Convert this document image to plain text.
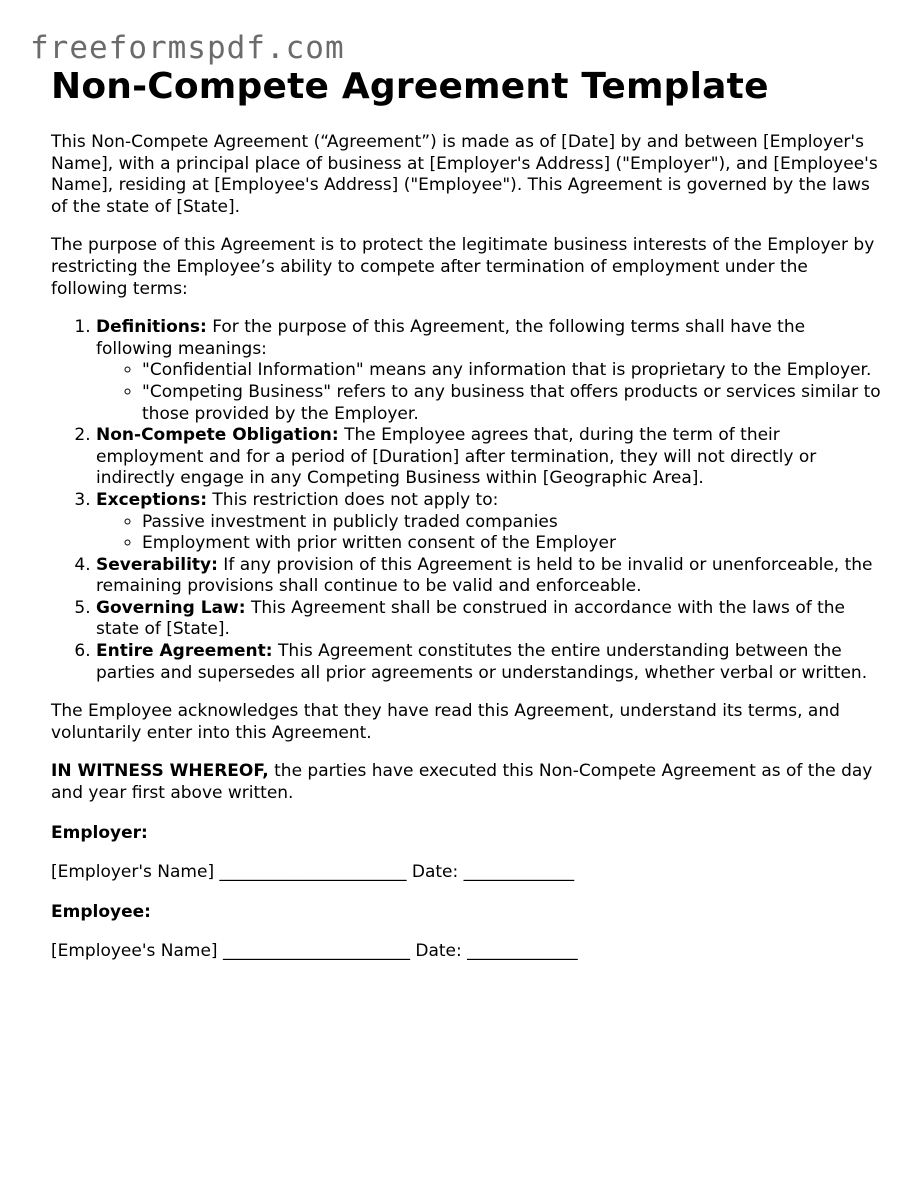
freeformspdf.com
Non-Compete Agreement Template

This Non-Compete Agreement (“Agreement”) is made as of [Date] by and between [Employer's Name], with a principal place of business at [Employer's Address] ("Employer"), and [Employee's Name], residing at [Employee's Address] ("Employee"). This Agreement is governed by the laws of the state of [State].

The purpose of this Agreement is to protect the legitimate business interests of the Employer by restricting the Employee’s ability to compete after termination of employment under the following terms:

1. Definitions: For the purpose of this Agreement, the following terms shall have the following meanings:
◦ "Confidential Information" means any information that is proprietary to the Employer.
◦ "Competing Business" refers to any business that offers products or services similar to those provided by the Employer.
2. Non-Compete Obligation: The Employee agrees that, during the term of their employment and for a period of [Duration] after termination, they will not directly or indirectly engage in any Competing Business within [Geographic Area].
3. Exceptions: This restriction does not apply to:
◦ Passive investment in publicly traded companies
◦ Employment with prior written consent of the Employer
4. Severability: If any provision of this Agreement is held to be invalid or unenforceable, the remaining provisions shall continue to be valid and enforceable.
5. Governing Law: This Agreement shall be construed in accordance with the laws of the state of [State].
6. Entire Agreement: This Agreement constitutes the entire understanding between the parties and supersedes all prior agreements or understandings, whether verbal or written.

The Employee acknowledges that they have read this Agreement, understand its terms, and voluntarily enter into this Agreement.

IN WITNESS WHEREOF, the parties have executed this Non-Compete Agreement as of the day and year first above written.

Employer:
[Employer's Name] ______________________ Date: _____________
Employee:
[Employee's Name] ______________________ Date: _____________
